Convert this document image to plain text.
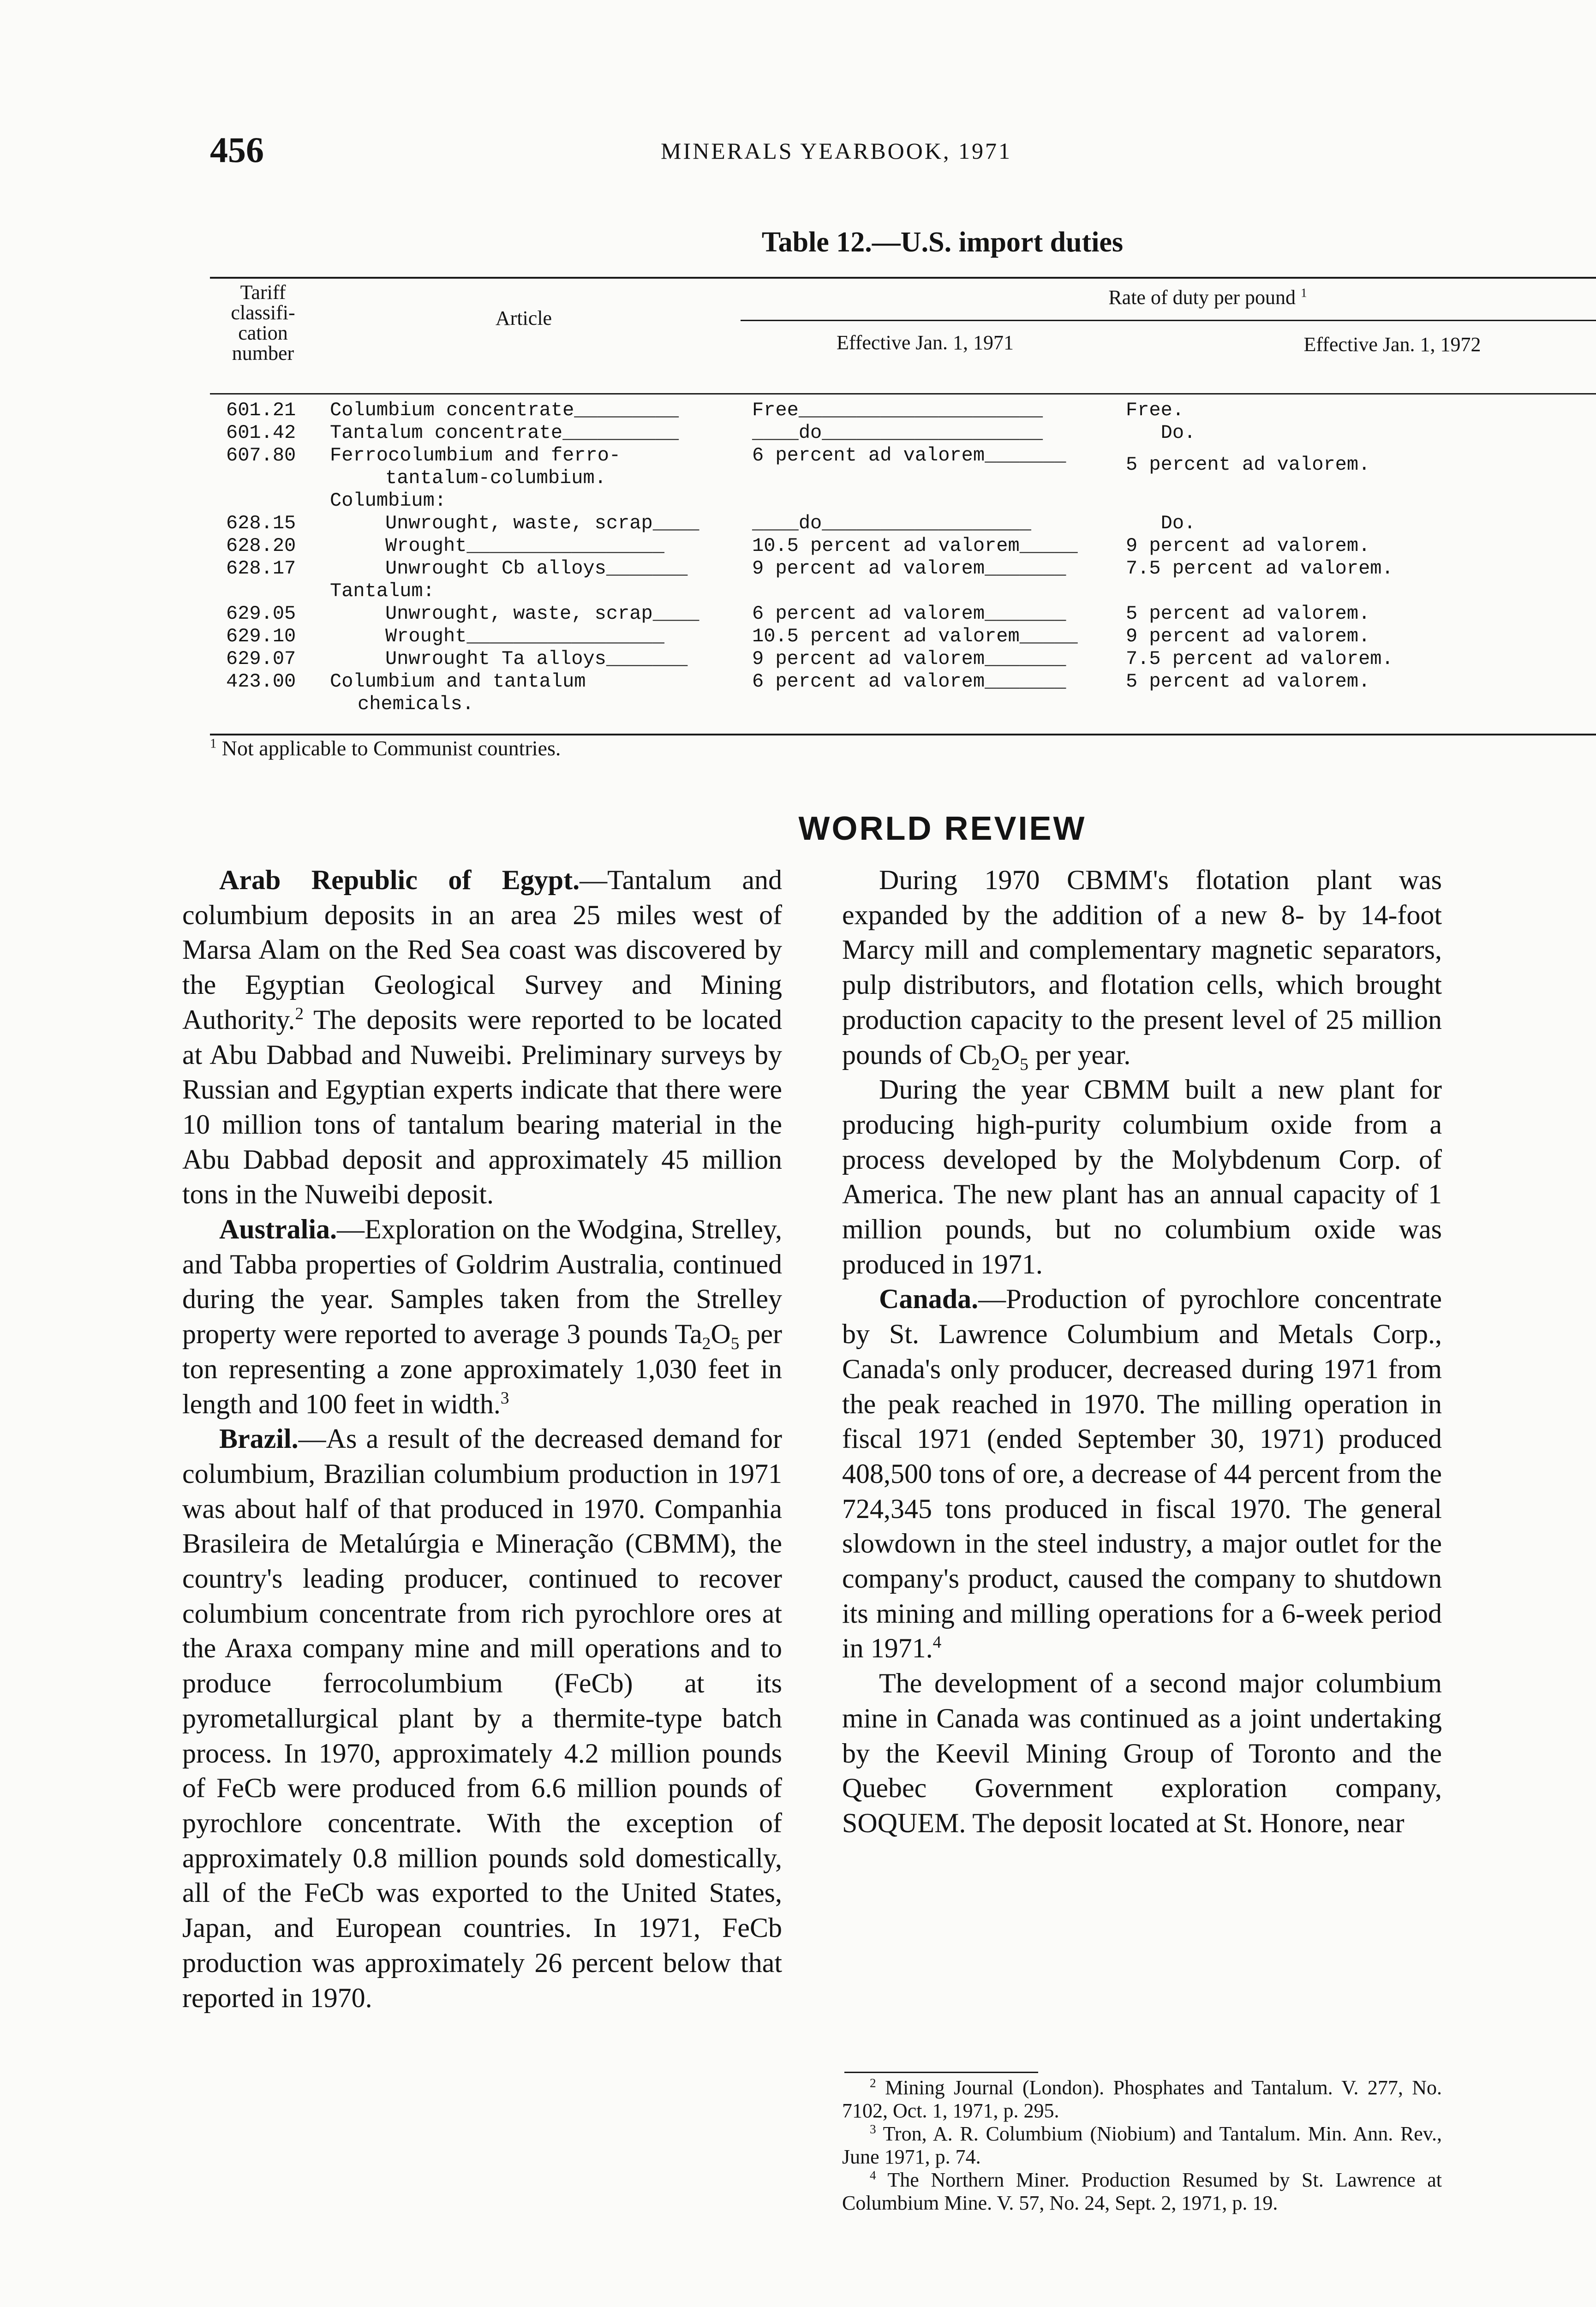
456	MINERALS YEARBOOK, 1971
Table 12.—U.S. import duties
Tariff
classifi-
cation
number
Article
Rate of duty per pound $^1$
Effective Jan. 1, 1971	Effective Jan. 1, 1972
601.21 Columbium concentrate_________	Free_____________________	Free.
601.42 Tantalum concentrate__________	____do___________________	Do.
607.80 Ferrocolumbium and ferro-	6 percent ad valorem_______	5 percent ad valorem.
tantalum-columbium.
Columbium:
628.15	Unwrought, waste, scrap____	____do__________________	Do.
628.20	Wrought_________________	10.5 percent ad valorem_____ 9 percent ad valorem.
628.17	Unwrought Cb alloys_______	9 percent ad valorem_______	7.5 percent ad valorem.
Tantalum:
629.05	Unwrought, waste, scrap____	6 percent ad valorem_______	5 percent ad valorem.
629.10	Wrought_________________	10.5 percent ad valorem_____ 9 percent ad valorem.
629.07	Unwrought Ta alloys_______	9 percent ad valorem_______	7.5 percent ad valorem.
423.00 Columbium and tantalum	6 percent ad valorem_______	5 percent ad valorem.
chemicals.
$^1$ Not applicable to Communist countries.
WORLD REVIEW

Arab Republic of Egypt.—Tantalum and columbium deposits in an area 25 miles west of Marsa Alam on the Red Sea coast was discovered by the Egyptian Geological Survey and Mining Authority.$^2$ The deposits were reported to be located at Abu Dabbad and Nuweibi. Preliminary surveys by Russian and Egyptian experts indicate that there were 10 million tons of tantalum bearing material in the Abu Dabbad deposit and approximately 45 million tons in the Nuweibi deposit.

Australia.—Exploration on the Wodgina, Strelley, and Tabba properties of Goldrim Australia, continued during the year. Samples taken from the Strelley property were reported to average 3 pounds $Ta_2O_5$ per ton representing a zone approximately 1,030 feet in length and 100 feet in width.$^3$

Brazil.—As a result of the decreased demand for columbium, Brazilian columbium production in 1971 was about half of that produced in 1970. Companhia Brasileira de Metalúrgia e Mineração (CBMM), the country's leading producer, continued to recover columbium concentrate from rich pyrochlore ores at the Araxa company mine and mill operations and to produce ferrocolumbium (FeCb) at its pyrometallurgical plant by a thermite-type batch process. In 1970, approximately 4.2 million pounds of FeCb were produced from 6.6 million pounds of pyrochlore concentrate. With the exception of approximately 0.8 million pounds sold domestically, all of the FeCb was exported to the United States, Japan, and European countries. In 1971, FeCb production was approximately 26 percent below that reported in 1970.

During 1970 CBMM's flotation plant was expanded by the addition of a new 8- by 14-foot Marcy mill and complementary magnetic separators, pulp distributors, and flotation cells, which brought production capacity to the present level of 25 million pounds of $Cb_2O_5$ per year.

During the year CBMM built a new plant for producing high-purity columbium oxide from a process developed by the Molybdenum Corp. of America. The new plant has an annual capacity of 1 million pounds, but no columbium oxide was produced in 1971.

Canada.—Production of pyrochlore concentrate by St. Lawrence Columbium and Metals Corp., Canada's only producer, decreased during 1971 from the peak reached in 1970. The milling operation in fiscal 1971 (ended September 30, 1971) produced 408,500 tons of ore, a decrease of 44 percent from the 724,345 tons produced in fiscal 1970. The general slowdown in the steel industry, a major outlet for the company's product, caused the company to shutdown its mining and milling operations for a 6-week period in 1971.$^4$

The development of a second major columbium mine in Canada was continued as a joint undertaking by the Keevil Mining Group of Toronto and the Quebec Government exploration company, SOQUEM. The deposit located at St. Honore, near

$^2$ Mining Journal (London). Phosphates and Tantalum. V. 277, No. 7102, Oct. 1, 1971, p. 295.

$^3$ Tron, A. R. Columbium (Niobium) and Tantalum. Min. Ann. Rev., June 1971, p. 74.

$^4$ The Northern Miner. Production Resumed by St. Lawrence at Columbium Mine. V. 57, No. 24, Sept. 2, 1971, p. 19.
